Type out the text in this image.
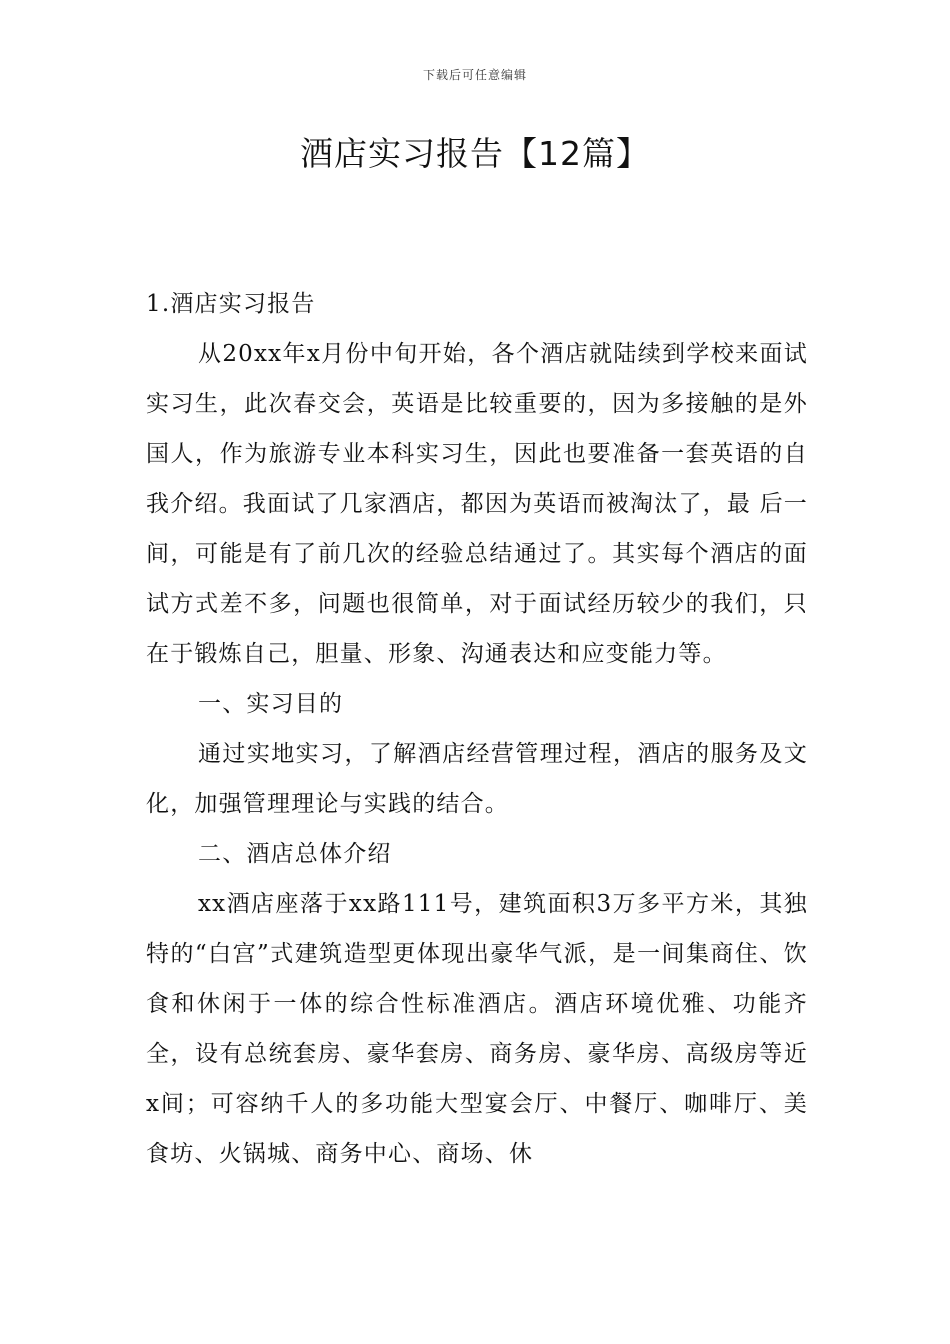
下载后可任意编辑
酒店实习报告【12篇】

1.酒店实习报告

从20xx年x月份中旬开始，各个酒店就陆续到学校来面试实习生，此次春交会，英语是比较重要的，因为多接触的是外国人，作为旅游专业本科实习生，因此也要准备一套英语的自我介绍。我面试了几家酒店，都因为英语而被淘汰了，最 后一间，可能是有了前几次的经验总结通过了。其实每个酒店的面试方式差不多，问题也很简单，对于面试经历较少的我们，只在于锻炼自己，胆量、形象、沟通表达和应变能力等。

一、实习目的

通过实地实习，了解酒店经营管理过程，酒店的服务及文化，加强管理理论与实践的结合。

二、酒店总体介绍

xx酒店座落于xx路111号，建筑面积3万多平方米，其独特的“白宫”式建筑造型更体现出豪华气派，是一间集商住、饮食和休闲于一体的综合性标准酒店。酒店环境优雅、功能齐全，设有总统套房、豪华套房、商务房、豪华房、高级房等近x间；可容纳千人的多功能大型宴会厅、中餐厅、咖啡厅、美食坊、火锅城、商务中心、商场、休
